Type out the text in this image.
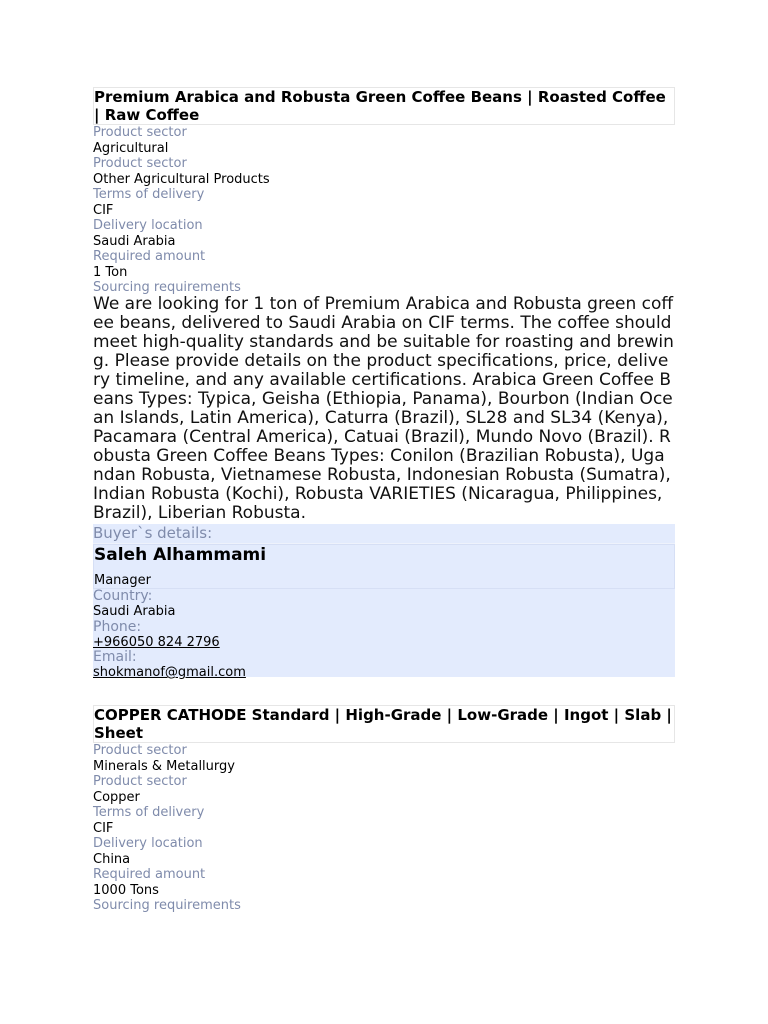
Premium Arabica and Robusta Green Coffee Beans | Roasted Coffee | Raw Coffee
Product sector
Agricultural
Product sector
Other Agricultural Products
Terms of delivery
CIF
Delivery location
Saudi Arabia
Required amount
1 Ton
Sourcing requirements
We are looking for 1 ton of Premium Arabica and Robusta green coffee beans, delivered to Saudi Arabia on CIF terms. The coffee should meet high-quality standards and be suitable for roasting and brewing. Please provide details on the product specifications, price, delivery timeline, and any available certifications. Arabica Green Coffee Beans Types: Typica, Geisha (Ethiopia, Panama), Bourbon (Indian Ocean Islands, Latin America), Caturra (Brazil), SL28 and SL34 (Kenya), Pacamara (Central America), Catuai (Brazil), Mundo Novo (Brazil). Robusta Green Coffee Beans Types: Conilon (Brazilian Robusta), Ugandan Robusta, Vietnamese Robusta, Indonesian Robusta (Sumatra), Indian Robusta (Kochi), Robusta VARIETIES (Nicaragua, Philippines, Brazil), Liberian Robusta.
Buyer`s details:
Saleh Alhammami
Manager
Country:
Saudi Arabia
Phone:
+966050 824 2796
Email:
shokmanof@gmail.com
COPPER CATHODE Standard | High-Grade | Low-Grade | Ingot | Slab | Sheet
Product sector
Minerals & Metallurgy
Product sector
Copper
Terms of delivery
CIF
Delivery location
China
Required amount
1000 Tons
Sourcing requirements
